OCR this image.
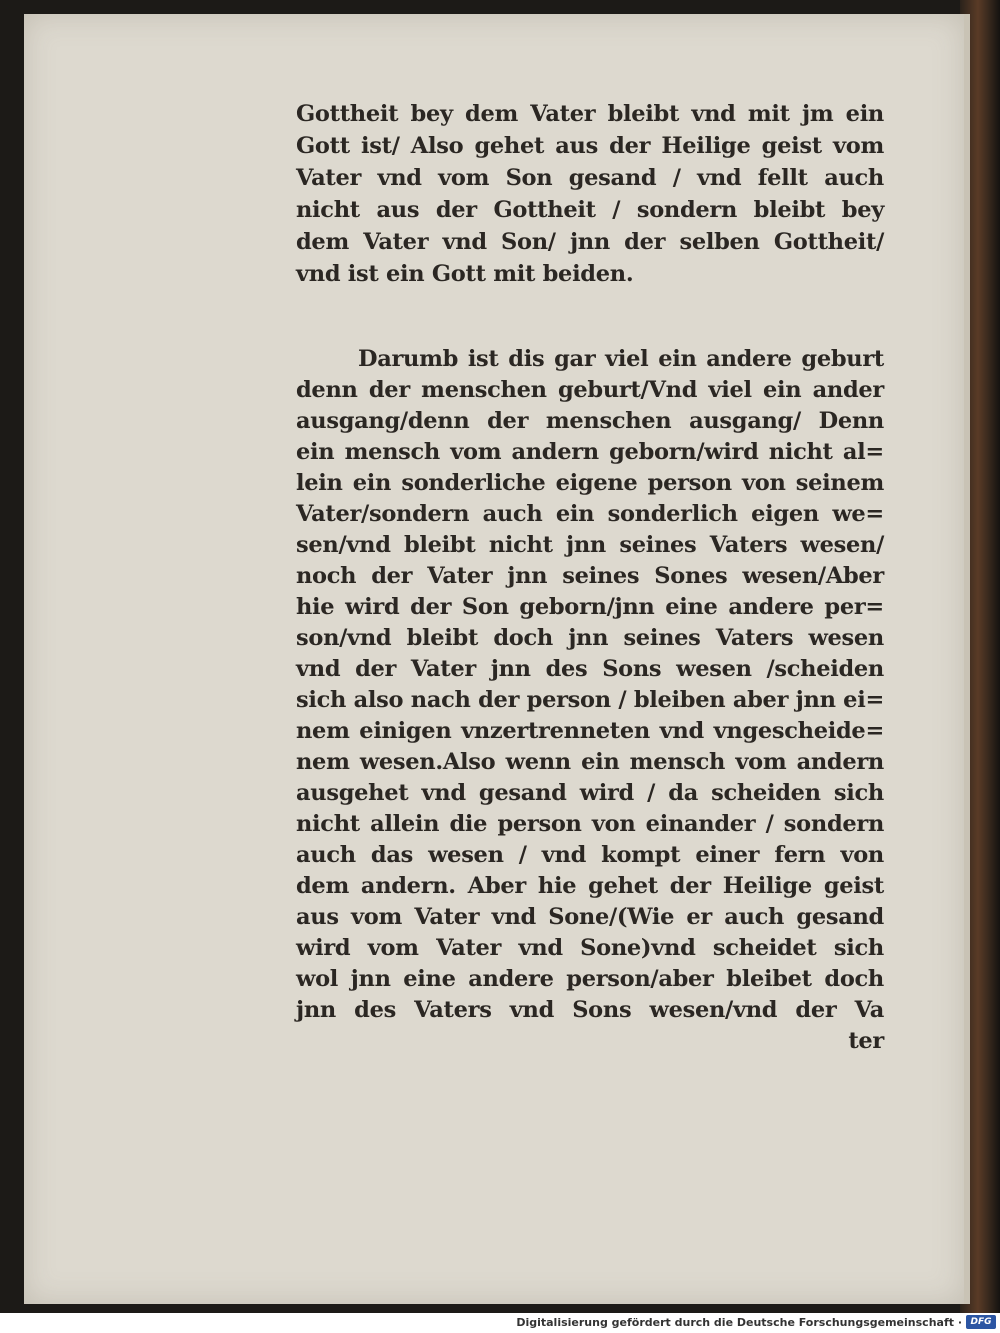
Gottheit bey dem Vater bleibt vnd mit jm ein
Gott ist/ Also gehet aus der Heilige geist vom
Vater vnd vom Son gesand / vnd fellt auch
nicht aus der Gottheit / sondern bleibt bey
dem Vater vnd Son/ jnn der selben Gottheit/
vnd ist ein Gott mit beiden.
Darumb ist dis gar viel ein andere geburt
denn der menschen geburt/Vnd viel ein ander
ausgang/denn der menschen ausgang/ Denn
ein mensch vom andern geborn/wird nicht al=
lein ein sonderliche eigene person von seinem
Vater/sondern auch ein sonderlich eigen we=
sen/vnd bleibt nicht jnn seines Vaters wesen/
noch der Vater jnn seines Sones wesen/Aber
hie wird der Son geborn/jnn eine andere per=
son/vnd bleibt doch jnn seines Vaters wesen
vnd der Vater jnn des Sons wesen /scheiden
sich also nach der person / bleiben aber jnn ei=
nem einigen vnzertrenneten vnd vngescheide=
nem wesen.Also wenn ein mensch vom andern
ausgehet vnd gesand wird / da scheiden sich
nicht allein die person von einander / sondern
auch das wesen / vnd kompt einer fern von
dem andern. Aber hie gehet der Heilige geist
aus vom Vater vnd Sone/(Wie er auch gesand
wird vom Vater vnd Sone)vnd scheidet sich
wol jnn eine andere person/aber bleibet doch
jnn des Vaters vnd Sons wesen/vnd der Va
ter
Digitalisierung gefördert durch die Deutsche Forschungsgemeinschaft · DFG
